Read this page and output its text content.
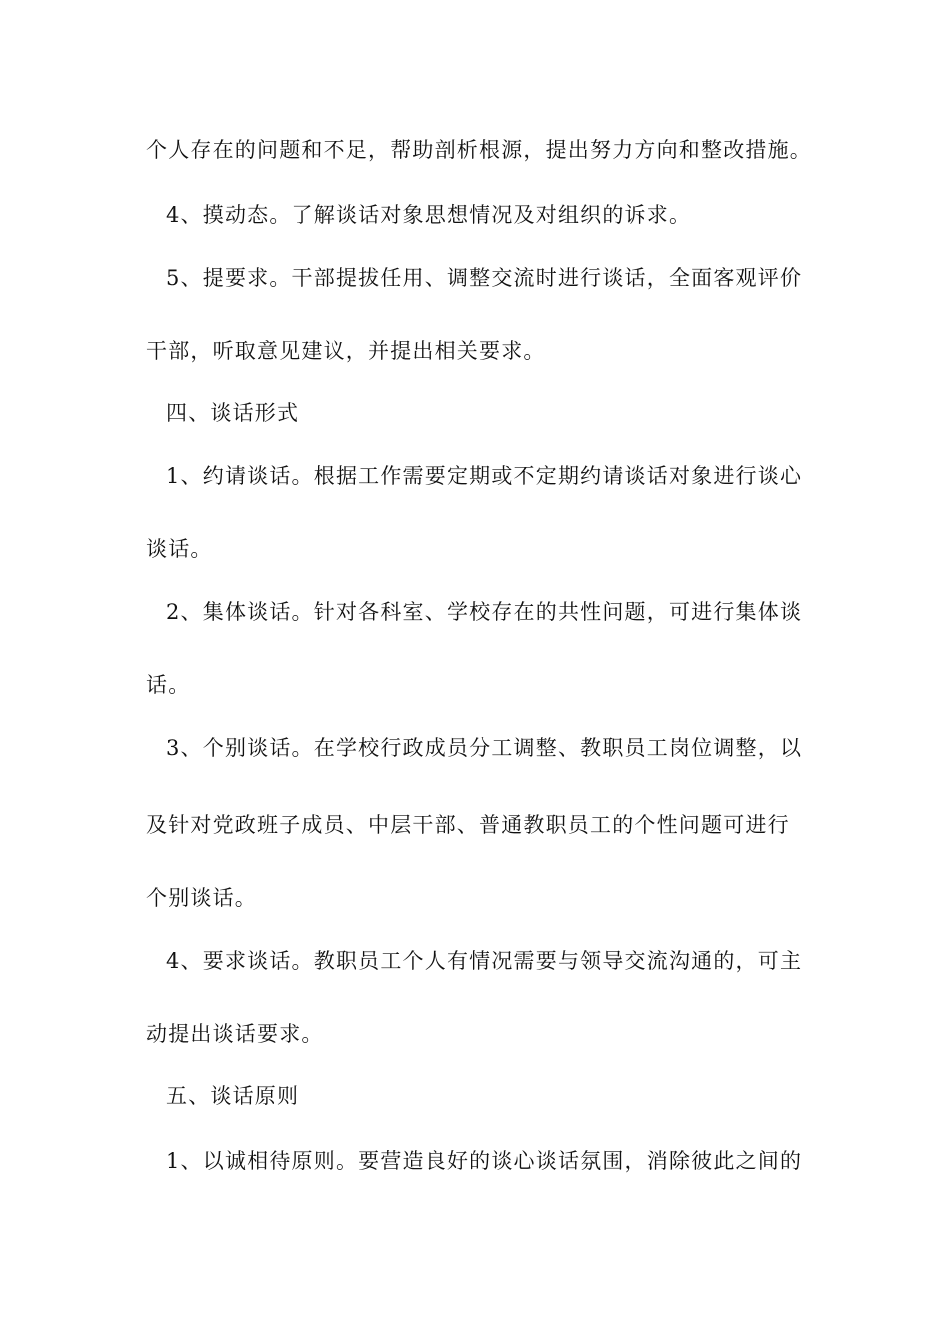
个人存在的问题和不足，帮助剖析根源，提出努力方向和整改措施。
4、摸动态。了解谈话对象思想情况及对组织的诉求。
5、提要求。干部提拔任用、调整交流时进行谈话，全面客观评价
干部，听取意见建议，并提出相关要求。
四、谈话形式
1、约请谈话。根据工作需要定期或不定期约请谈话对象进行谈心
谈话。
2、集体谈话。针对各科室、学校存在的共性问题，可进行集体谈
话。
3、个别谈话。在学校行政成员分工调整、教职员工岗位调整，以
及针对党政班子成员、中层干部、普通教职员工的个性问题可进行
个别谈话。
4、要求谈话。教职员工个人有情况需要与领导交流沟通的，可主
动提出谈话要求。
五、谈话原则
1、以诚相待原则。要营造良好的谈心谈话氛围，消除彼此之间的
